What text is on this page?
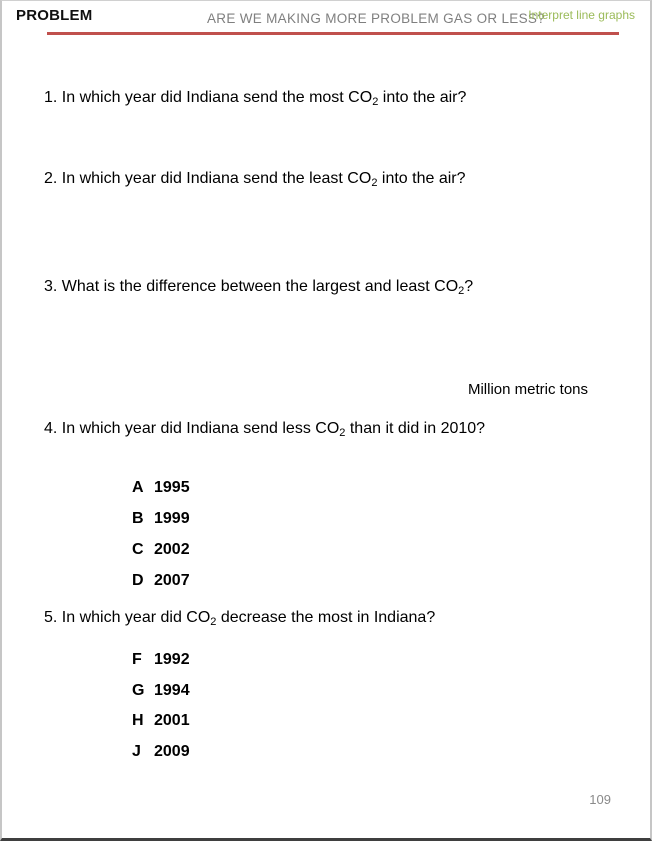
PROBLEM	ARE WE MAKING MORE PROBLEM GAS OR LESS?
Interpret line graphs
1. In which year did Indiana send the most $CO_2$ into the air?
2. In which year did Indiana send the least $CO_2$ into the air?
3. What is the difference between the largest and least $CO_2$?
Million metric tons
4. In which year did Indiana send less $CO_2$ than it did in 2010?
A 1995
B 1999
C 2002
D 2007
5. In which year did $CO_2$ decrease the most in Indiana?
F 1992
G 1994
H 2001
J 2009
109
